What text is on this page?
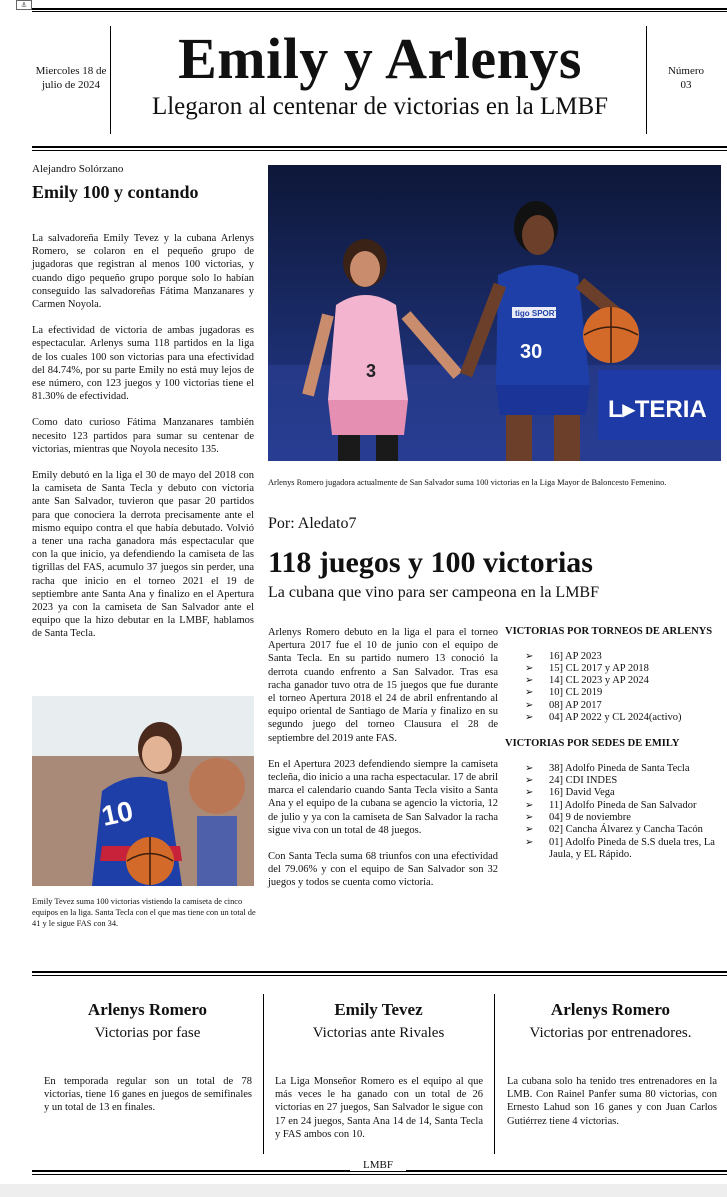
⚓
Miercoles 18 de julio de 2024	Emily y Arlenys
Llegaron al centenar de victorias en la LMBF
Número
03
Alejandro Solórzano
Emily 100 y contando

La salvadoreña Emily Tevez y la cubana Arlenys Romero, se colaron en el pequeño grupo de jugadoras que registran al menos 100 victorias, y cuando digo pequeño grupo porque solo lo habían conseguido las salvadoreñas Fátima Manzanares y Carmen Noyola.

La efectividad de victoria de ambas jugadoras es espectacular. Arlenys suma 118 partidos en la liga de los cuales 100 son victorias para una efectividad del 84.74%, por su parte Emily no está muy lejos de ese número, con 123 juegos y 100 victorias tiene el 81.30% de efectividad.

Como dato curioso Fátima Manzanares también necesito 123 partidos para sumar su centenar de victorias, mientras que Noyola necesito 135.

Emily debutó en la liga el 30 de mayo del 2018 con la camiseta de Santa Tecla y debuto con victoria ante San Salvador, tuvieron que pasar 20 partidos para que conociera la derrota precisamente ante el mismo equipo contra el que había debutado. Volvió a tener una racha ganadora más espectacular que con la que inicio, ya defendiendo la camiseta de las tigrillas del FAS, acumulo 37 juegos sin perder, una racha que inicio en el torneo 2021 el 19 de septiembre ante Santa Ana y finalizo en el Apertura 2023 ya con la camiseta de San Salvador ante el equipo que la hizo debutar en la LMBF, hablamos de Santa Tecla.

10
Emily Tevez suma 100 victorias vistiendo la camiseta de cinco equipos en la liga. Santa Tecla con el que mas tiene con un total de 41 y le sigue FAS con 34.
3
30
tigo SPORTS
L▸TERIA
Arlenys Romero jugadora actualmente de San Salvador suma 100 victorias en la Liga Mayor de Baloncesto Femenino.
Por: Aledato7
118 juegos y 100 victorias
La cubana que vino para ser campeona en la LMBF

Arlenys Romero debuto en la liga el para el torneo Apertura 2017 fue el 10 de junio con el equipo de Santa Tecla. En su partido numero 13 conoció la derrota cuando enfrento a San Salvador. Tras esa racha ganador tuvo otra de 15 juegos que fue durante el torneo Apertura 2018 el 24 de abril enfrentando al equipo oriental de Santiago de María y finalizo en su segundo juego del torneo Clausura el 28 de septiembre del 2019 ante FAS.

En el Apertura 2023 defendiendo siempre la camiseta tecleña, dio inicio a una racha espectacular. 17 de abril marca el calendario cuando Santa Tecla visito a Santa Ana y el equipo de la cubana se agencio la victoria, 12 de julio y ya con la camiseta de San Salvador la racha sigue viva con un total de 48 juegos.

Con Santa Tecla suma 68 triunfos con una efectividad del 79.06% y con el equipo de San Salvador son 32 juegos y todos se cuenta como victoria.

VICTORIAS POR TORNEOS DE ARLENYS
➢ 16] AP 2023
➢ 15] CL 2017 y AP 2018
➢ 14] CL 2023 y AP 2024
➢ 10] CL 2019
➢ 08] AP 2017
➢ 04] AP 2022 y CL 2024(activo)
VICTORIAS POR SEDES DE EMILY
➢ 38] Adolfo Pineda de Santa Tecla
➢ 24] CDI INDES
➢ 16] David Vega
➢ 11] Adolfo Pineda de San Salvador
➢ 04] 9 de noviembre
➢ 02] Cancha Álvarez y Cancha Tacón
➢ 01] Adolfo Pineda de S.S duela tres, La Jaula, y EL Rápido.
Arlenys Romero
Victorias por fase
En temporada regular son un total de 78 victorias, tiene 16 ganes en juegos de semifinales y un total de 13 en finales.
Emily Tevez
Victorias ante Rivales
La Liga Monseñor Romero es el equipo al que más veces le ha ganado con un total de 26 victorias en 27 juegos, San Salvador le sigue con 17 en 24 juegos, Santa Ana 14 de 14, Santa Tecla y FAS ambos con 10.
Arlenys Romero
Victorias por entrenadores.
La cubana solo ha tenido tres entrenadores en la LMB. Con Rainel Panfer suma 80 victorias, con Ernesto Lahud son 16 ganes y con Juan Carlos Gutiérrez tiene 4 victorias.
LMBF
